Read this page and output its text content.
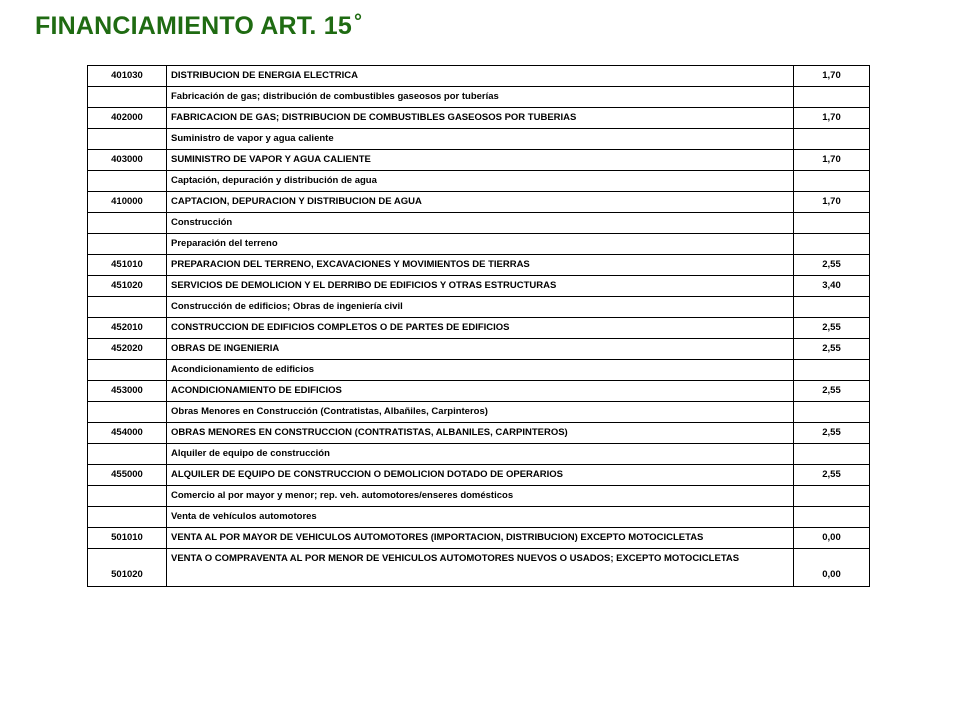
FINANCIAMIENTO ART. 15 °
401030	DISTRIBUCION DE ENERGIA ELECTRICA	1,70
	Fabricación de gas; distribución de combustibles gaseosos por tuberías	
402000	FABRICACION DE GAS; DISTRIBUCION DE COMBUSTIBLES GASEOSOS POR TUBERIAS	1,70
	Suministro de vapor y agua caliente	
403000	SUMINISTRO DE VAPOR Y AGUA CALIENTE	1,70
	Captación, depuración y distribución de agua	
410000	CAPTACION, DEPURACION Y DISTRIBUCION DE AGUA	1,70
	Construcción	
	Preparación del terreno	
451010	PREPARACION DEL TERRENO, EXCAVACIONES Y MOVIMIENTOS DE TIERRAS	2,55
451020	SERVICIOS DE DEMOLICION Y EL DERRIBO DE EDIFICIOS Y OTRAS ESTRUCTURAS	3,40
	Construcción de edificios; Obras de ingeniería civil	
452010	CONSTRUCCION DE EDIFICIOS COMPLETOS O DE PARTES DE EDIFICIOS	2,55
452020	OBRAS DE INGENIERIA	2,55
	Acondicionamiento de edificios	
453000	ACONDICIONAMIENTO DE EDIFICIOS	2,55
	Obras Menores en Construcción (Contratistas, Albañiles, Carpinteros)	
454000	OBRAS MENORES EN CONSTRUCCION (CONTRATISTAS, ALBANILES, CARPINTEROS)	2,55
	Alquiler de equipo de construcción	
455000	ALQUILER DE EQUIPO DE CONSTRUCCION O DEMOLICION DOTADO DE OPERARIOS	2,55
	Comercio al por mayor y menor; rep. veh. automotores/enseres domésticos	
	Venta de vehículos automotores	
501010	VENTA AL POR MAYOR DE VEHICULOS AUTOMOTORES (IMPORTACION, DISTRIBUCION) EXCEPTO MOTOCICLETAS	0,00
501020	VENTA O COMPRAVENTA AL POR MENOR DE VEHICULOS AUTOMOTORES NUEVOS O USADOS; EXCEPTO MOTOCICLETAS	0,00
